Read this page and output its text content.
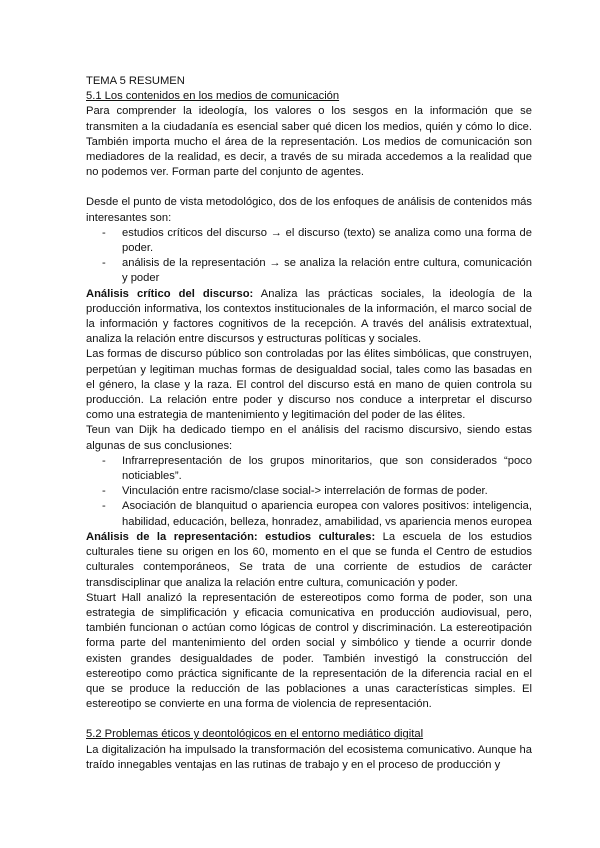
TEMA 5 RESUMEN

5.1 Los contenidos en los medios de comunicación

Para comprender la ideología, los valores o los sesgos en la información que se transmiten a la ciudadanía es esencial saber qué dicen los medios, quién y cómo lo dice. También importa mucho el área de la representación. Los medios de comunicación son mediadores de la realidad, es decir, a través de su mirada accedemos a la realidad que no podemos ver. Forman parte del conjunto de agentes.

Desde el punto de vista metodológico, dos de los enfoques de análisis de contenidos más interesantes son:

- estudios críticos del discurso → el discurso (texto) se analiza como una forma de poder.
- análisis de la representación → se analiza la relación entre cultura, comunicación y poder

Análisis crítico del discurso: Analiza las prácticas sociales, la ideología de la producción informativa, los contextos institucionales de la información, el marco social de la información y factores cognitivos de la recepción. A través del análisis extratextual, analiza la relación entre discursos y estructuras políticas y sociales.

Las formas de discurso público son controladas por las élites simbólicas, que construyen, perpetúan y legitiman muchas formas de desigualdad social, tales como las basadas en el género, la clase y la raza. El control del discurso está en mano de quien controla su producción. La relación entre poder y discurso nos conduce a interpretar el discurso como una estrategia de mantenimiento y legitimación del poder de las élites.

Teun van Dijk ha dedicado tiempo en el análisis del racismo discursivo, siendo estas algunas de sus conclusiones:

- Infrarrepresentación de los grupos minoritarios, que son considerados “poco noticiables”.
- Vinculación entre racismo/clase social-> interrelación de formas de poder.
- Asociación de blanquitud o apariencia europea con valores positivos: inteligencia, habilidad, educación, belleza, honradez, amabilidad, vs apariencia menos europea

Análisis de la representación: estudios culturales: La escuela de los estudios culturales tiene su origen en los 60, momento en el que se funda el Centro de estudios culturales contemporáneos, Se trata de una corriente de estudios de carácter transdisciplinar que analiza la relación entre cultura, comunicación y poder.

Stuart Hall analizó la representación de estereotipos como forma de poder, son una estrategia de simplificación y eficacia comunicativa en producción audiovisual, pero, también funcionan o actúan como lógicas de control y discriminación. La estereotipación forma parte del mantenimiento del orden social y simbólico y tiende a ocurrir donde existen grandes desigualdades de poder. También investigó la construcción del estereotipo como práctica significante de la representación de la diferencia racial en el que se produce la reducción de las poblaciones a unas características simples. El estereotipo se convierte en una forma de violencia de representación.

5.2 Problemas éticos y deontológicos en el entorno mediático digital

La digitalización ha impulsado la transformación del ecosistema comunicativo. Aunque ha traído innegables ventajas en las rutinas de trabajo y en el proceso de producción y
